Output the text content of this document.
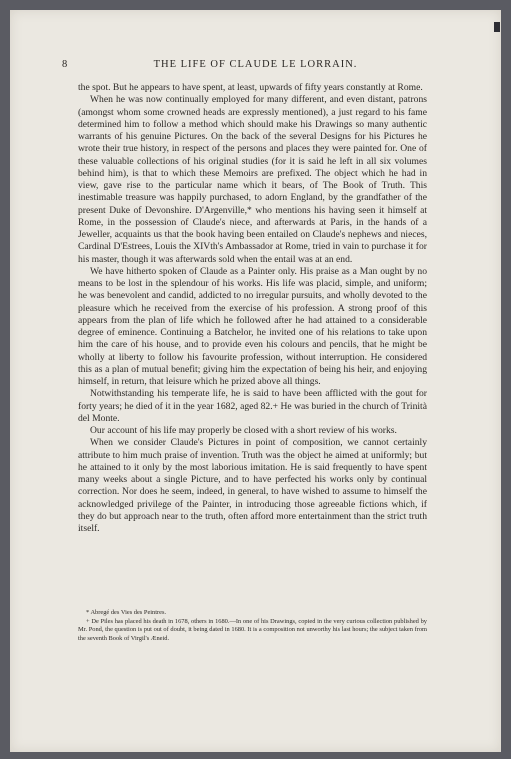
8	THE LIFE OF CLAUDE LE LORRAIN.

the spot. But he appears to have spent, at least, upwards of fifty years constantly at Rome.

When he was now continually employed for many different, and even distant, patrons (amongst whom some crowned heads are expressly mentioned), a just regard to his fame determined him to follow a method which should make his Drawings so many authentic warrants of his genuine Pictures. On the back of the several Designs for his Pictures he wrote their true history, in respect of the persons and places they were painted for. One of these valuable collections of his original studies (for it is said he left in all six volumes behind him), is that to which these Memoirs are prefixed. The object which he had in view, gave rise to the particular name which it bears, of The Book of Truth. This inestimable treasure was happily purchased, to adorn England, by the grandfather of the present Duke of Devonshire. D'Argenville,* who mentions his having seen it himself at Rome, in the possession of Claude's niece, and afterwards at Paris, in the hands of a Jeweller, acquaints us that the book having been entailed on Claude's nephews and nieces, Cardinal D'Estrees, Louis the XIVth's Ambassador at Rome, tried in vain to purchase it for his master, though it was afterwards sold when the entail was at an end.

We have hitherto spoken of Claude as a Painter only. His praise as a Man ought by no means to be lost in the splendour of his works. His life was placid, simple, and uniform; he was benevolent and candid, addicted to no irregular pursuits, and wholly devoted to the pleasure which he received from the exercise of his profession. A strong proof of this appears from the plan of life which he followed after he had attained to a considerable degree of eminence. Continuing a Batchelor, he invited one of his relations to take upon him the care of his house, and to provide even his colours and pencils, that he might be wholly at liberty to follow his favourite profession, without interruption. He considered this as a plan of mutual benefit; giving him the expectation of being his heir, and enjoying himself, in return, that leisure which he prized above all things.

Notwithstanding his temperate life, he is said to have been afflicted with the gout for forty years; he died of it in the year 1682, aged 82.+ He was buried in the church of Trinità del Monte.

Our account of his life may properly be closed with a short review of his works.

When we consider Claude's Pictures in point of composition, we cannot certainly attribute to him much praise of invention. Truth was the object he aimed at uniformly; but he attained to it only by the most laborious imitation. He is said frequently to have spent many weeks about a single Picture, and to have perfected his works only by continual correction. Nor does he seem, indeed, in general, to have wished to assume to himself the acknowledged privilege of the Painter, in introducing those agreeable fictions which, if they do but approach near to the truth, often afford more entertainment than the strict truth itself.

* Abregé des Vies des Peintres.

+ De Piles has placed his death in 1678, others in 1680.—In one of his Drawings, copied in the very curious collection published by Mr. Pond, the question is put out of doubt, it being dated in 1680. It is a composition not unworthy his last hours; the subject taken from the seventh Book of Virgil's Æneid.
